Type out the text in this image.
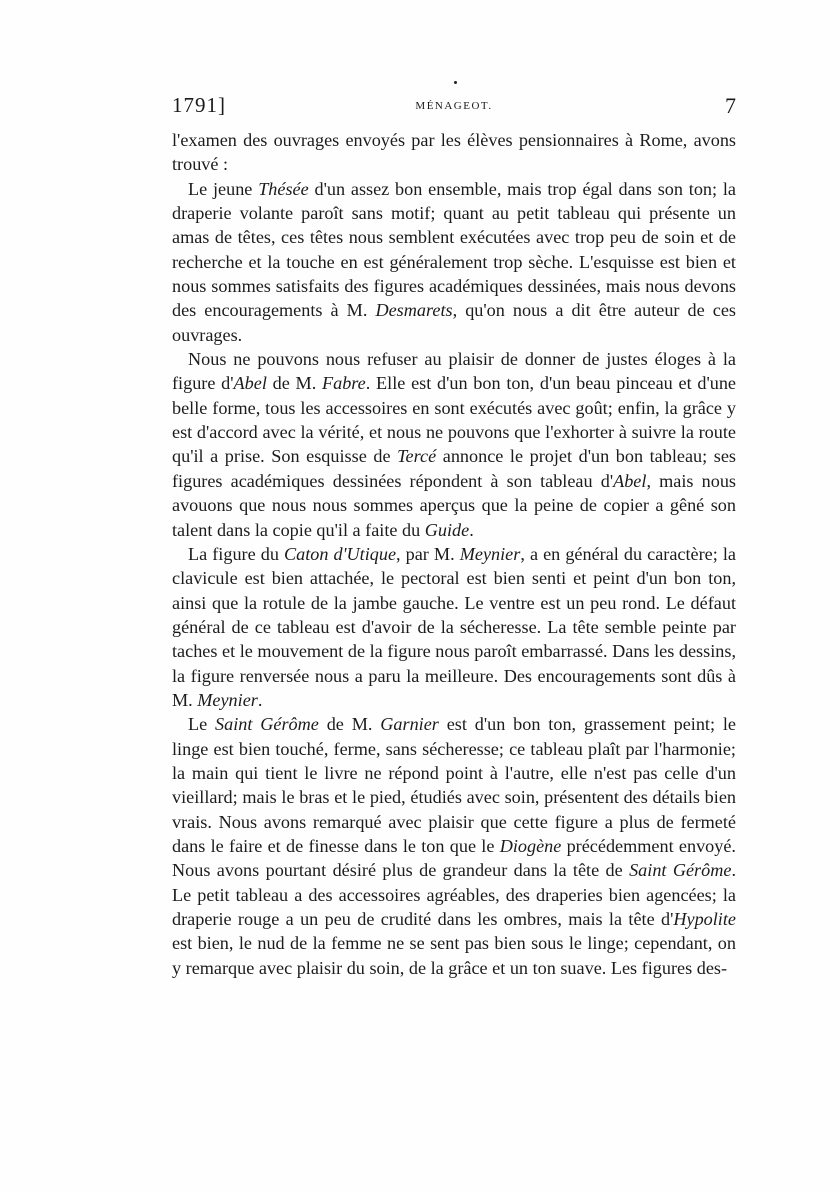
1791]	MÉNAGEOT.	7

l'examen des ouvrages envoyés par les élèves pensionnaires à Rome, avons trouvé :

Le jeune Thésée d'un assez bon ensemble, mais trop égal dans son ton; la draperie volante paroît sans motif; quant au petit tableau qui présente un amas de têtes, ces têtes nous semblent exécutées avec trop peu de soin et de recherche et la touche en est généralement trop sèche. L'esquisse est bien et nous sommes satisfaits des figures académiques dessinées, mais nous devons des encouragements à M. Desmarets, qu'on nous a dit être auteur de ces ouvrages.

Nous ne pouvons nous refuser au plaisir de donner de justes éloges à la figure d'Abel de M. Fabre. Elle est d'un bon ton, d'un beau pinceau et d'une belle forme, tous les accessoires en sont exécutés avec goût; enfin, la grâce y est d'accord avec la vérité, et nous ne pouvons que l'exhorter à suivre la route qu'il a prise. Son esquisse de Tercé annonce le projet d'un bon tableau; ses figures académiques dessinées répondent à son tableau d'Abel, mais nous avouons que nous nous sommes aperçus que la peine de copier a gêné son talent dans la copie qu'il a faite du Guide.

La figure du Caton d'Utique, par M. Meynier, a en général du caractère; la clavicule est bien attachée, le pectoral est bien senti et peint d'un bon ton, ainsi que la rotule de la jambe gauche. Le ventre est un peu rond. Le défaut général de ce tableau est d'avoir de la sécheresse. La tête semble peinte par taches et le mouvement de la figure nous paroît embarrassé. Dans les dessins, la figure renversée nous a paru la meilleure. Des encouragements sont dûs à M. Meynier.

Le Saint Gérôme de M. Garnier est d'un bon ton, grassement peint; le linge est bien touché, ferme, sans sécheresse; ce tableau plaît par l'harmonie; la main qui tient le livre ne répond point à l'autre, elle n'est pas celle d'un vieillard; mais le bras et le pied, étudiés avec soin, présentent des détails bien vrais. Nous avons remarqué avec plaisir que cette figure a plus de fermeté dans le faire et de finesse dans le ton que le Diogène précédemment envoyé. Nous avons pourtant désiré plus de grandeur dans la tête de Saint Gérôme. Le petit tableau a des accessoires agréables, des draperies bien agencées; la draperie rouge a un peu de crudité dans les ombres, mais la tête d'Hypolite est bien, le nud de la femme ne se sent pas bien sous le linge; cependant, on y remarque avec plaisir du soin, de la grâce et un ton suave. Les figures des-
